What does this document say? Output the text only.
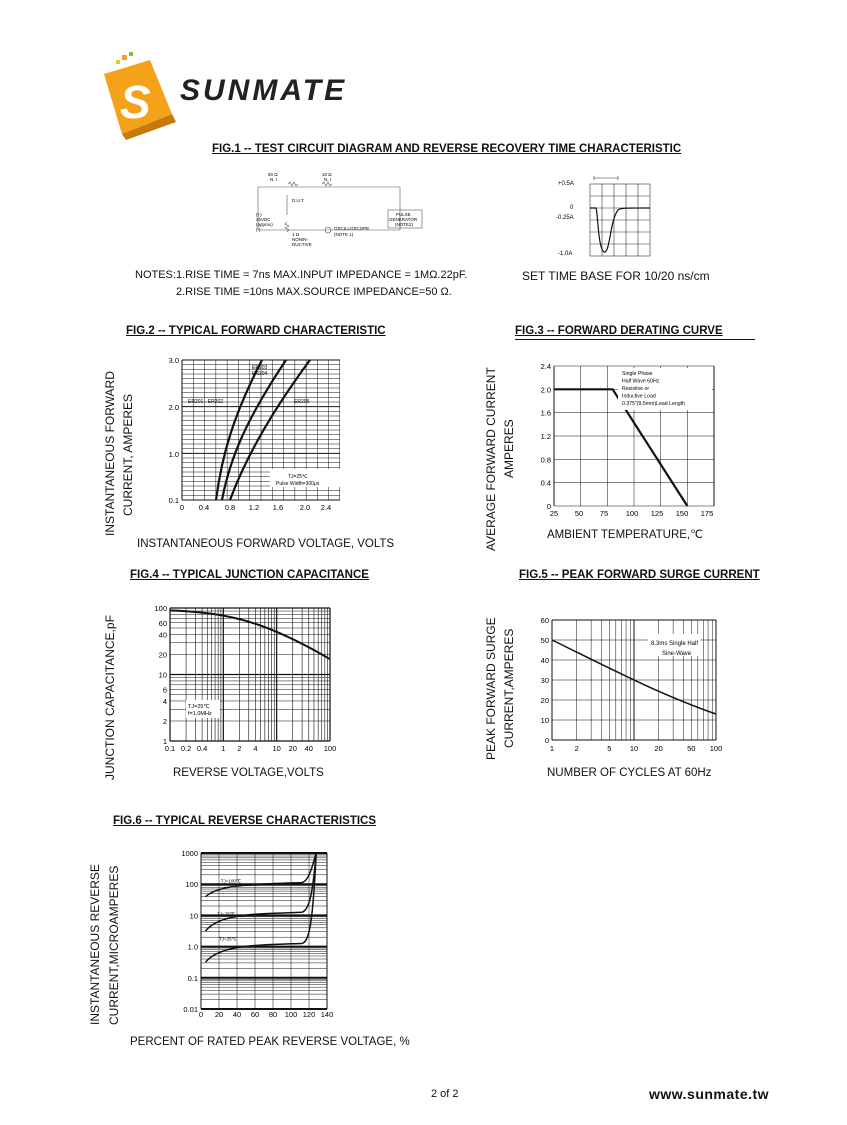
S SUNMATE
FIG.1 -- TEST CIRCUIT DIAGRAM AND REVERSE RECOVERY TIME CHARACTERISTIC
50 Ω
N. I
10 Ω
N. I
D.U.T
(+)
25VDC
(approx)
(-)
1 Ω
NONIN-
DUCTIVE
OSCILLOSCOPE
(NOTE 1)
PULSE
GENERATOR
(NOTE2)
+0.5A
0
-0.25A
-1.0A
NOTES:1.RISE TIME = 7ns MAX.INPUT IMPEDANCE = 1MΩ.22pF.
2.RISE TIME =10ns MAX.SOURCE IMPEDANCE=50 Ω.
SET TIME BASE FOR 10/20 ns/cm
FIG.2 -- TYPICAL FORWARD CHARACTERISTIC
INSTANTANEOUS FORWARD CURRENT, AMPERES
3.0
2.0
1.0
0.1
0 0.4 0.8 1.2 1.6 2.0 2.4
ER203
ER204
ER201 - ER202	ER206
TJ=25℃
Pulse Width=300μs
INSTANTANEOUS FORWARD VOLTAGE, VOLTS
FIG.3 -- FORWARD DERATING CURVE
AVERAGE FORWARD CURRENT AMPERES
2.4
2.0
1.6
1.2
0.8
0.4
0
25 50 75 100 125 150 175
Single Phase
Half Wave 60Hz
Resistive or
Inductive Load
0.375"(9.5mm)Lead Length
AMBIENT TEMPERATURE,℃
FIG.4 -- TYPICAL JUNCTION CAPACITANCE
JUNCTION CAPACITANCE,pF
100
60
40
20
10
6
4
2
1
0.1 0.2 0.4 1 2 4 10 20 40 100
TJ=25℃
f=1.0MHz
REVERSE VOLTAGE,VOLTS
FIG.5 -- PEAK FORWARD SURGE CURRENT
PEAK FORWARD SURGE CURRENT,AMPERES
60
50
40
30
20
10
0
1	2	5 10 20	50 100
8.3ms Single Half
Sine-Wave
NUMBER OF CYCLES AT 60Hz
FIG.6 -- TYPICAL REVERSE CHARACTERISTICS
INSTANTANEOUS REVERSE CURRENT,MICROAMPERES
1000
100
10
1.0
0.1
0.01
0 20 40 60 80 100 120 140
TJ=100℃
TJ=75℃
TJ=25℃
PERCENT OF RATED PEAK REVERSE VOLTAGE, %
2 of 2	www.sunmate.tw
